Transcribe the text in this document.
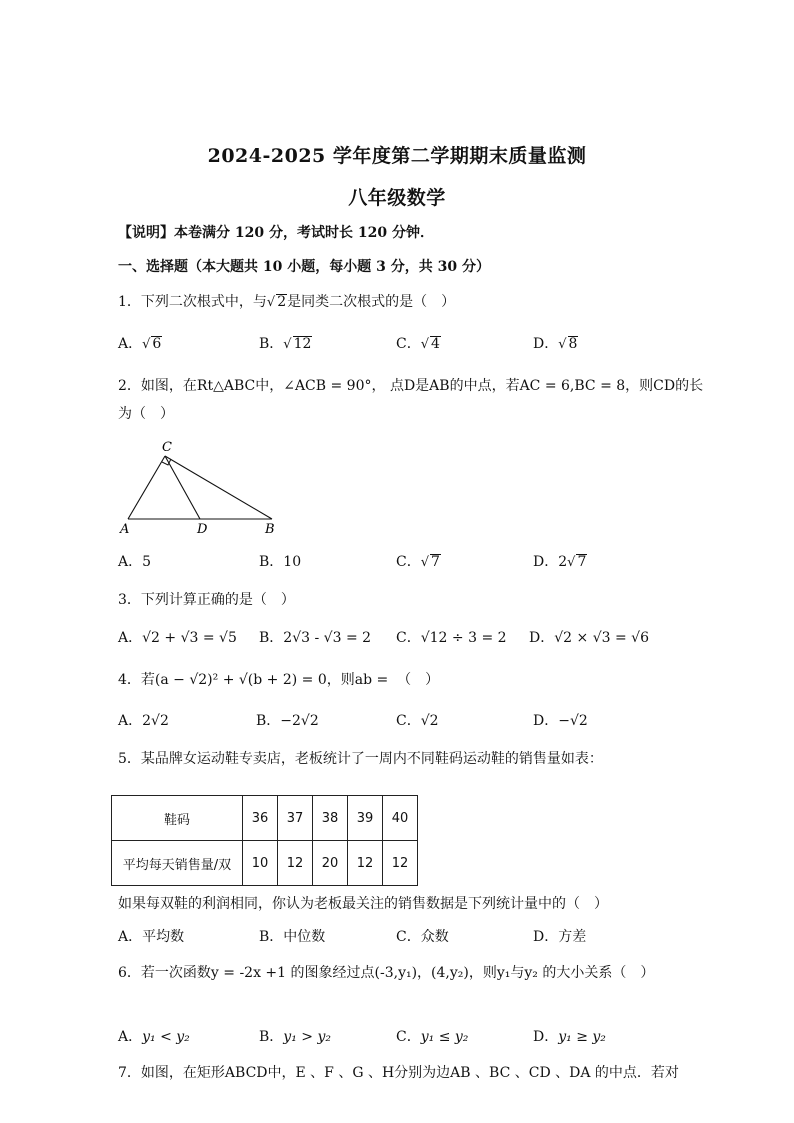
2024-2025 学年度第二学期期末质量监测
八年级数学
【说明】本卷满分 120 分，考试时长 120 分钟．
一、选择题（本大题共 10 小题，每小题 3 分，共 30 分）
1．下列二次根式中，与√ 2是同类二次根式的是（　）
A．√ 6	B．√ 12	C．√ 4	D．√ 8
2．如图，在Rt△ABC中，∠ACB = 90°， 点D是AB的中点，若AC = 6,BC = 8，则CD的长
为（　）
C
A	D	B
A．5	B．10	C．√ 7	D．2√ 7
3．下列计算正确的是（　）
A．√2 + √3 = √5 B．2√3 - √3 = 2 C．√12 ÷ 3 = 2 D．√2 × √3 = √6
4．若(a − √2)² + √(b + 2) = 0，则ab = （　）
A．2√2	B．−2√2	C．√2	D．−√2
5．某品牌女运动鞋专卖店，老板统计了一周内不同鞋码运动鞋的销售量如表：
鞋码	36	37	38	39	40
平均每天销售量/双	10	12	20	12	12
如果每双鞋的利润相同，你认为老板最关注的销售数据是下列统计量中的（　）
A．平均数	B．中位数	C．众数	D．方差
6．若一次函数y = -2x +1 的图象经过点(-3,y₁)，(4,y₂)，则y₁与y₂ 的大小关系（　）
A．y₁ < y₂	B．y₁ > y₂	C．y₁ ≤ y₂	D．y₁ ≥ y₂
7．如图，在矩形ABCD中，E 、F 、G 、H分别为边AB 、BC 、CD 、DA 的中点．若对
